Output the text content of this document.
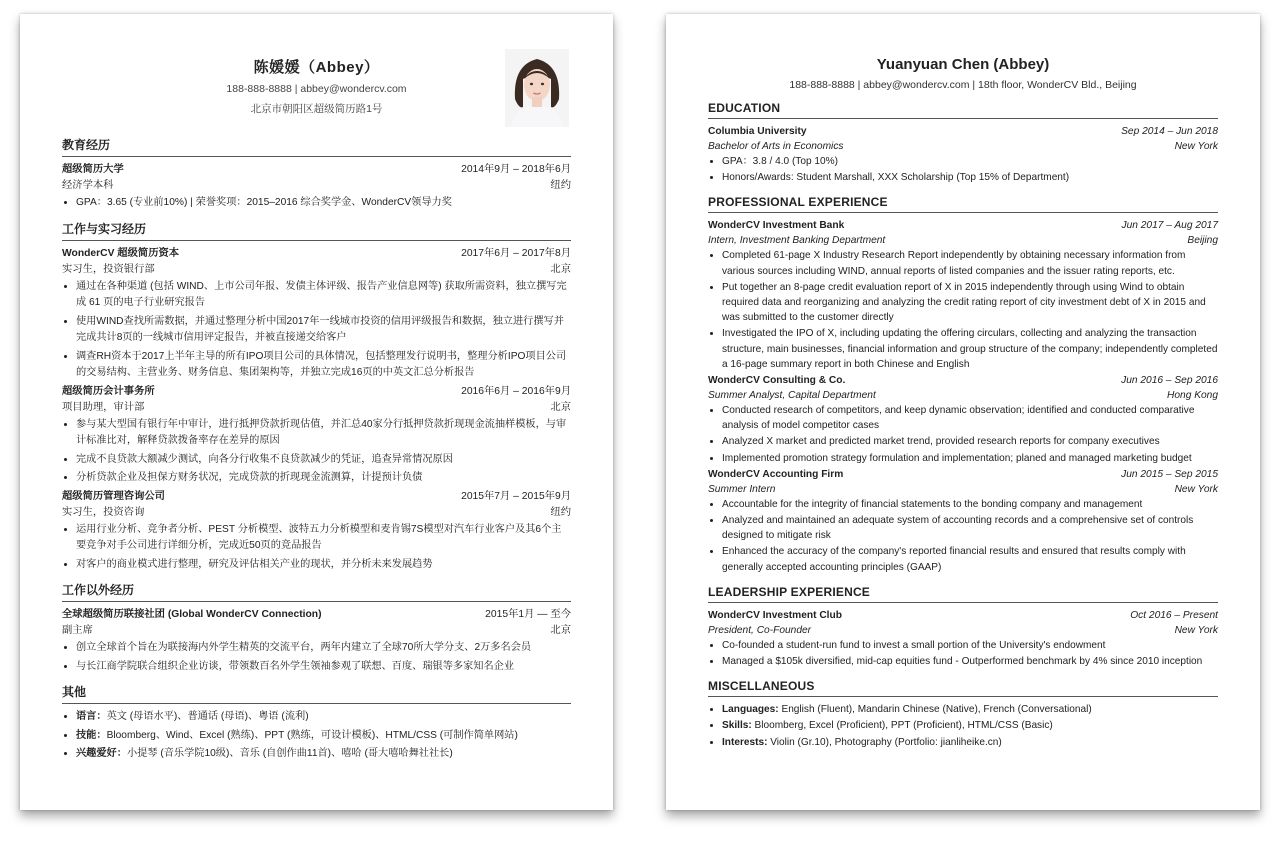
陈媛媛（Abbey）
188-888-8888 | abbey@wondercv.com
北京市朝阳区超级简历路1号
教育经历
超级简历大学	2014年9月 – 2018年6月
经济学本科	纽约
• GPA：3.65 (专业前10%) | 荣誉奖项：2015–2016 综合奖学金、WonderCV领导力奖
工作与实习经历
WonderCV 超级简历资本	2017年6月 – 2017年8月
实习生，投资银行部	北京
• 通过在各种渠道 (包括 WIND、上市公司年报、发债主体评级、报告产业信息网等) 获取所需资料，独立撰写完成 61 页的电子行业研究报告
• 使用WIND查找所需数据，并通过整理分析中国2017年一线城市投资的信用评级报告和数据，独立进行撰写并完成共计8页的一线城市信用评定报告，并被直接递交给客户
• 调查RH资本于2017上半年主导的所有IPO项目公司的具体情况，包括整理发行说明书，整理分析IPO项目公司的交易结构、主营业务、财务信息、集团架构等，并独立完成16页的中英文汇总分析报告
超级简历会计事务所	2016年6月 – 2016年9月
项目助理，审计部	北京
• 参与某大型国有银行年中审计，进行抵押贷款折现估值，并汇总40家分行抵押贷款折现现金流抽样模板，与审计标准比对，解释贷款拨备率存在差异的原因
• 完成不良贷款大额减少测试，向各分行收集不良贷款减少的凭证，追查异常情况原因
• 分析贷款企业及担保方财务状况，完成贷款的折现现金流测算，计提预计负债
超级简历管理咨询公司	2015年7月 – 2015年9月
实习生，投资咨询	纽约
• 运用行业分析、竞争者分析、PEST 分析模型、波特五力分析模型和麦肯锡7S模型对汽车行业客户及其6个主要竞争对手公司进行详细分析，完成近50页的竞品报告
• 对客户的商业模式进行整理，研究及评估相关产业的现状，并分析未来发展趋势
工作以外经历
全球超级简历联接社团 (Global WonderCV Connection)	2015年1月 — 至今
副主席	北京
• 创立全球首个旨在为联接海内外学生精英的交流平台，两年内建立了全球70所大学分支、2万多名会员
• 与长江商学院联合组织企业访谈，带领数百名外学生领袖参观了联想、百度、瑞银等多家知名企业
其他
• 语言：英文 (母语水平)、普通话 (母语)、粤语 (流利)
• 技能：Bloomberg、Wind、Excel (熟练)、PPT (熟练，可设计模板)、HTML/CSS (可制作简单网站)
• 兴趣爱好：小提琴 (音乐学院10级)、音乐 (自创作曲11首)、嘻哈 (哥大嘻哈舞社社长)
Yuanyuan Chen (Abbey)
188-888-8888 | abbey@wondercv.com | 18th floor, WonderCV Bld., Beijing
EDUCATION
Columbia University	Sep 2014 – Jun 2018
Bachelor of Arts in Economics	New York
• GPA：3.8 / 4.0 (Top 10%)
• Honors/Awards: Student Marshall, XXX Scholarship (Top 15% of Department)
PROFESSIONAL EXPERIENCE
WonderCV Investment Bank	Jun 2017 – Aug 2017
Intern, Investment Banking Department	Beijing
• Completed 61-page X Industry Research Report independently by obtaining necessary information from various sources including WIND, annual reports of listed companies and the issuer rating reports, etc.
• Put together an 8-page credit evaluation report of X in 2015 independently through using Wind to obtain required data and reorganizing and analyzing the credit rating report of city investment debt of X in 2015 and was submitted to the customer directly
• Investigated the IPO of X, including updating the offering circulars, collecting and analyzing the transaction structure, main businesses, financial information and group structure of the company; independently completed a 16-page summary report in both Chinese and English
WonderCV Consulting & Co.	Jun 2016 – Sep 2016
Summer Analyst, Capital Department	Hong Kong
• Conducted research of competitors, and keep dynamic observation; identified and conducted comparative analysis of model competitor cases
• Analyzed X market and predicted market trend, provided research reports for company executives
• Implemented promotion strategy formulation and implementation; planed and managed marketing budget
WonderCV Accounting Firm	Jun 2015 – Sep 2015
Summer Intern	New York
• Accountable for the integrity of financial statements to the bonding company and management
• Analyzed and maintained an adequate system of accounting records and a comprehensive set of controls designed to mitigate risk
• Enhanced the accuracy of the company's reported financial results and ensured that results comply with generally accepted accounting principles (GAAP)
LEADERSHIP EXPERIENCE
WonderCV Investment Club	Oct 2016 – Present
President, Co-Founder	New York
• Co-founded a student-run fund to invest a small portion of the University's endowment
• Managed a $105k diversified, mid-cap equities fund - Outperformed benchmark by 4% since 2010 inception
MISCELLANEOUS
• Languages: English (Fluent), Mandarin Chinese (Native), French (Conversational)
• Skills: Bloomberg, Excel (Proficient), PPT (Proficient), HTML/CSS (Basic)
• Interests: Violin (Gr.10), Photography (Portfolio: jianliheike.cn)
